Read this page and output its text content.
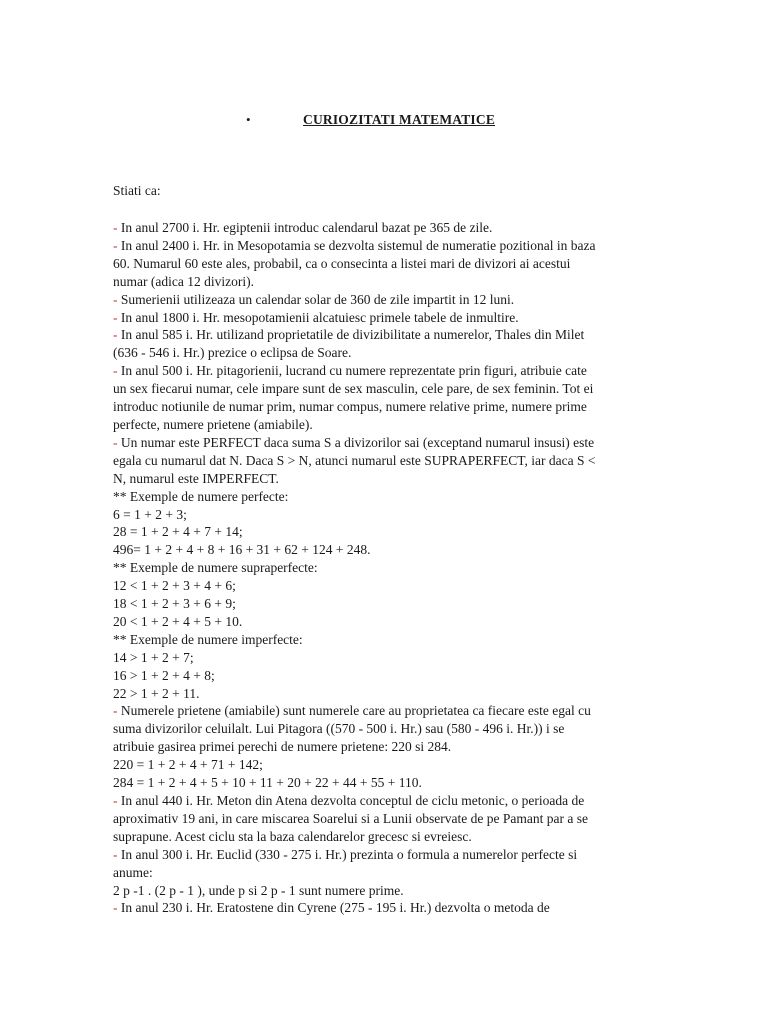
•	CURIOZITATI MATEMATICE
Stiati ca:
- In anul 2700 i. Hr. egiptenii introduc calendarul bazat pe 365 de zile.
- In anul 2400 i. Hr. in Mesopotamia se dezvolta sistemul de numeratie pozitional in baza
60. Numarul 60 este ales, probabil, ca o consecinta a listei mari de divizori ai acestui
numar (adica 12 divizori).
- Sumerienii utilizeaza un calendar solar de 360 de zile impartit in 12 luni.
- In anul 1800 i. Hr. mesopotamienii alcatuiesc primele tabele de inmultire.
- In anul 585 i. Hr. utilizand proprietatile de divizibilitate a numerelor, Thales din Milet
(636 - 546 i. Hr.) prezice o eclipsa de Soare.
- In anul 500 i. Hr. pitagorienii, lucrand cu numere reprezentate prin figuri, atribuie cate
un sex fiecarui numar, cele impare sunt de sex masculin, cele pare, de sex feminin. Tot ei
introduc notiunile de numar prim, numar compus, numere relative prime, numere prime
perfecte, numere prietene (amiabile).
- Un numar este PERFECT daca suma S a divizorilor sai (exceptand numarul insusi) este
egala cu numarul dat N. Daca S > N, atunci numarul este SUPRAPERFECT, iar daca S <
N, numarul este IMPERFECT.
** Exemple de numere perfecte:
6 = 1 + 2 + 3;
28 = 1 + 2 + 4 + 7 + 14;
496= 1 + 2 + 4 + 8 + 16 + 31 + 62 + 124 + 248.
** Exemple de numere supraperfecte:
12 < 1 + 2 + 3 + 4 + 6;
18 < 1 + 2 + 3 + 6 + 9;
20 < 1 + 2 + 4 + 5 + 10.
** Exemple de numere imperfecte:
14 > 1 + 2 + 7;
16 > 1 + 2 + 4 + 8;
22 > 1 + 2 + 11.
- Numerele prietene (amiabile) sunt numerele care au proprietatea ca fiecare este egal cu
suma divizorilor celuilalt. Lui Pitagora ((570 - 500 i. Hr.) sau (580 - 496 i. Hr.)) i se
atribuie gasirea primei perechi de numere prietene: 220 si 284.
220 = 1 + 2 + 4 + 71 + 142;
284 = 1 + 2 + 4 + 5 + 10 + 11 + 20 + 22 + 44 + 55 + 110.
- In anul 440 i. Hr. Meton din Atena dezvolta conceptul de ciclu metonic, o perioada de
aproximativ 19 ani, in care miscarea Soarelui si a Lunii observate de pe Pamant par a se
suprapune. Acest ciclu sta la baza calendarelor grecesc si evreiesc.
- In anul 300 i. Hr. Euclid (330 - 275 i. Hr.) prezinta o formula a numerelor perfecte si
anume:
2 p -1 . (2 p - 1 ), unde p si 2 p - 1 sunt numere prime.
- In anul 230 i. Hr. Eratostene din Cyrene (275 - 195 i. Hr.) dezvolta o metoda de
